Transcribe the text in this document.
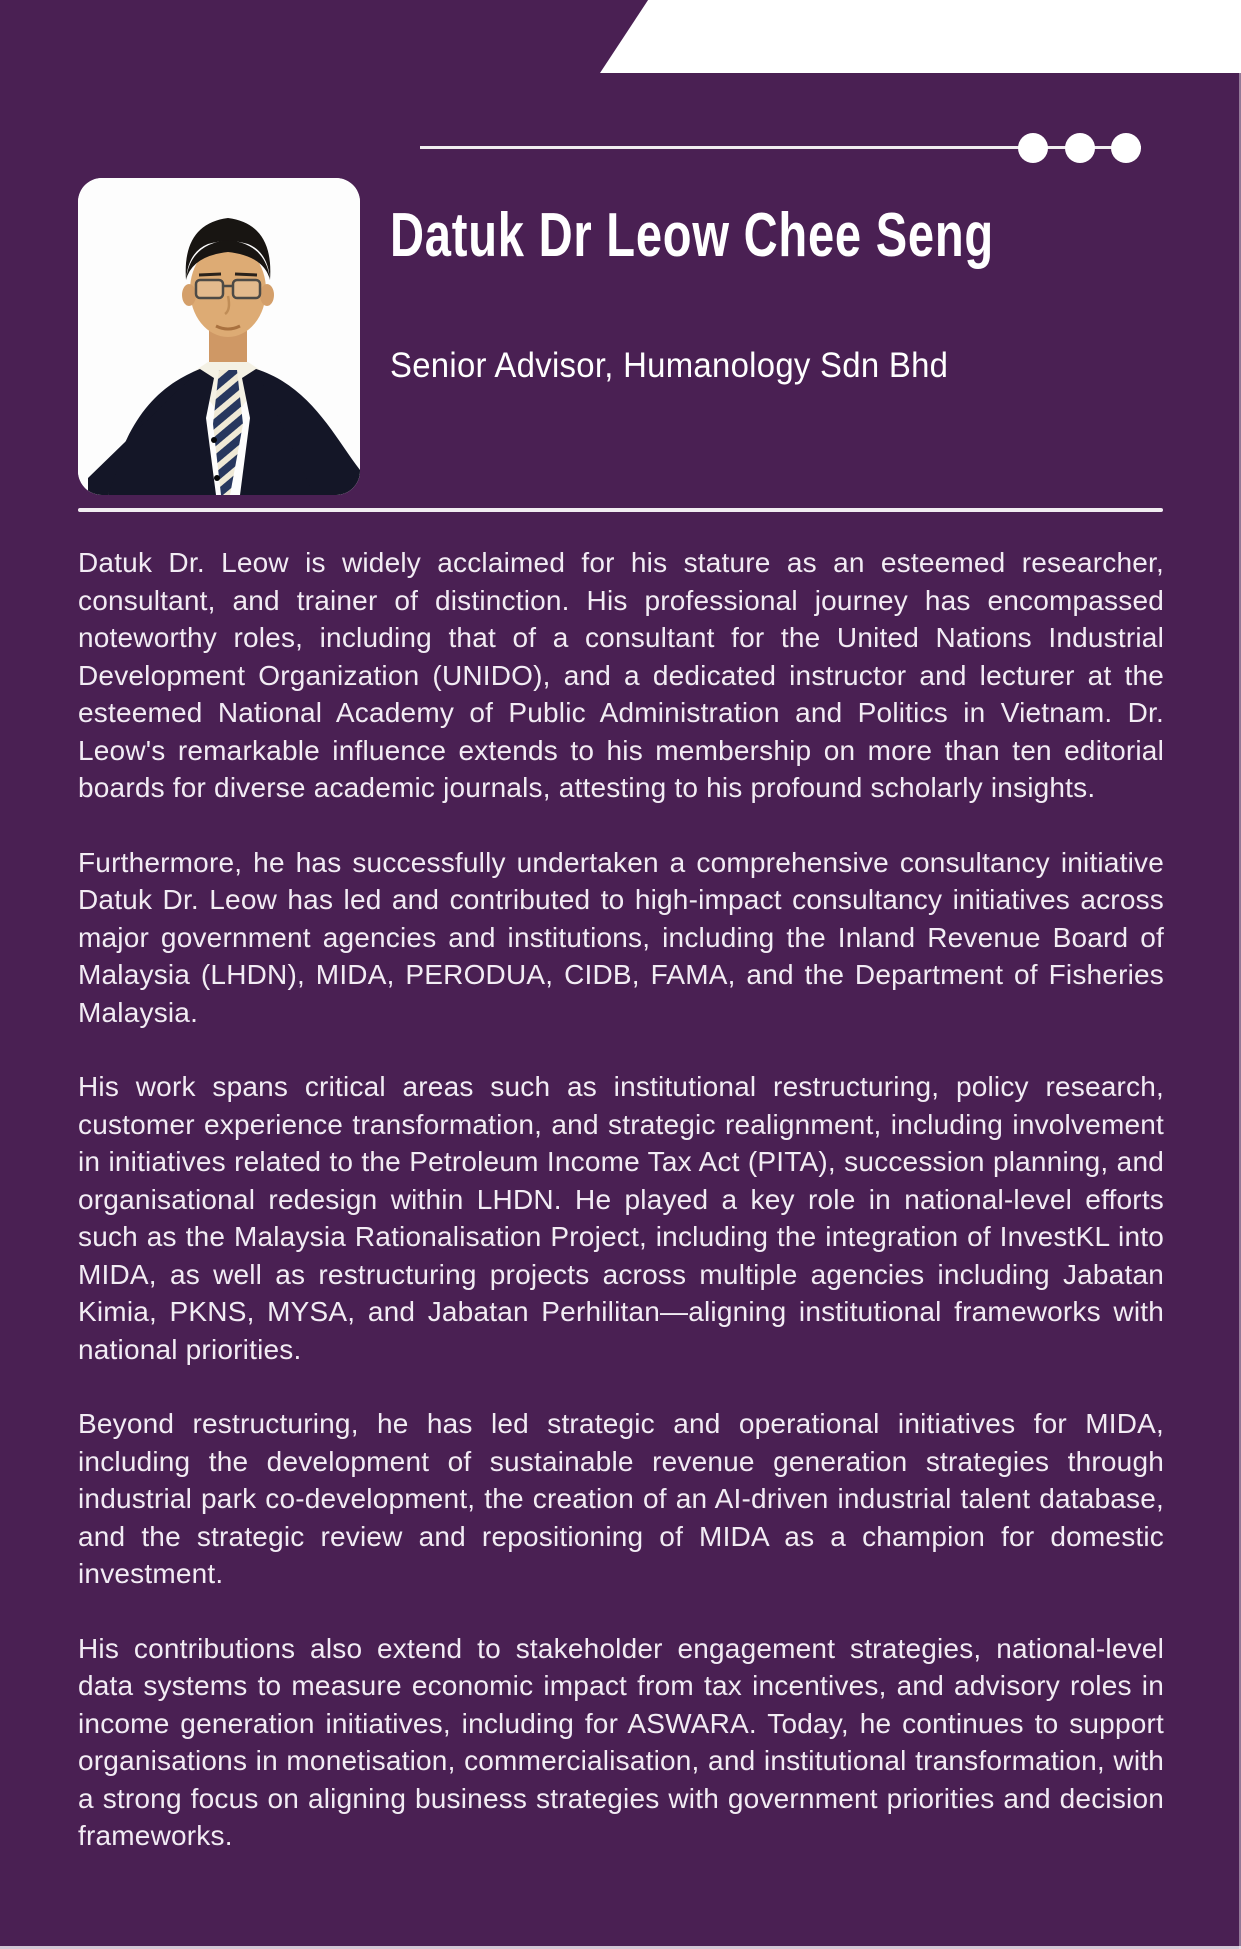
Datuk Dr Leow Chee Seng
Senior Advisor, Humanology Sdn Bhd

Datuk Dr. Leow is widely acclaimed for his stature as an esteemed researcher, consultant, and trainer of distinction. His professional journey has encompassed noteworthy roles, including that of a consultant for the United Nations Industrial Development Organization (UNIDO), and a dedicated instructor and lecturer at the esteemed National Academy of Public Administration and Politics in Vietnam. Dr. Leow's remarkable influence extends to his membership on more than ten editorial boards for diverse academic journals, attesting to his profound scholarly insights.

Furthermore, he has successfully undertaken a comprehensive consultancy initiative Datuk Dr. Leow has led and contributed to high-impact consultancy initiatives across major government agencies and institutions, including the Inland Revenue Board of Malaysia (LHDN), MIDA, PERODUA, CIDB, FAMA, and the Department of Fisheries Malaysia.

His work spans critical areas such as institutional restructuring, policy research, customer experience transformation, and strategic realignment, including involvement in initiatives related to the Petroleum Income Tax Act (PITA), succession planning, and organisational redesign within LHDN. He played a key role in national-level efforts such as the Malaysia Rationalisation Project, including the integration of InvestKL into MIDA, as well as restructuring projects across multiple agencies including Jabatan Kimia, PKNS, MYSA, and Jabatan Perhilitan—aligning institutional frameworks with national priorities.

Beyond restructuring, he has led strategic and operational initiatives for MIDA, including the development of sustainable revenue generation strategies through industrial park co-development, the creation of an AI-driven industrial talent database, and the strategic review and repositioning of MIDA as a champion for domestic investment.

His contributions also extend to stakeholder engagement strategies, national-level data systems to measure economic impact from tax incentives, and advisory roles in income generation initiatives, including for ASWARA. Today, he continues to support organisations in monetisation, commercialisation, and institutional transformation, with a strong focus on aligning business strategies with government priorities and decision frameworks.
